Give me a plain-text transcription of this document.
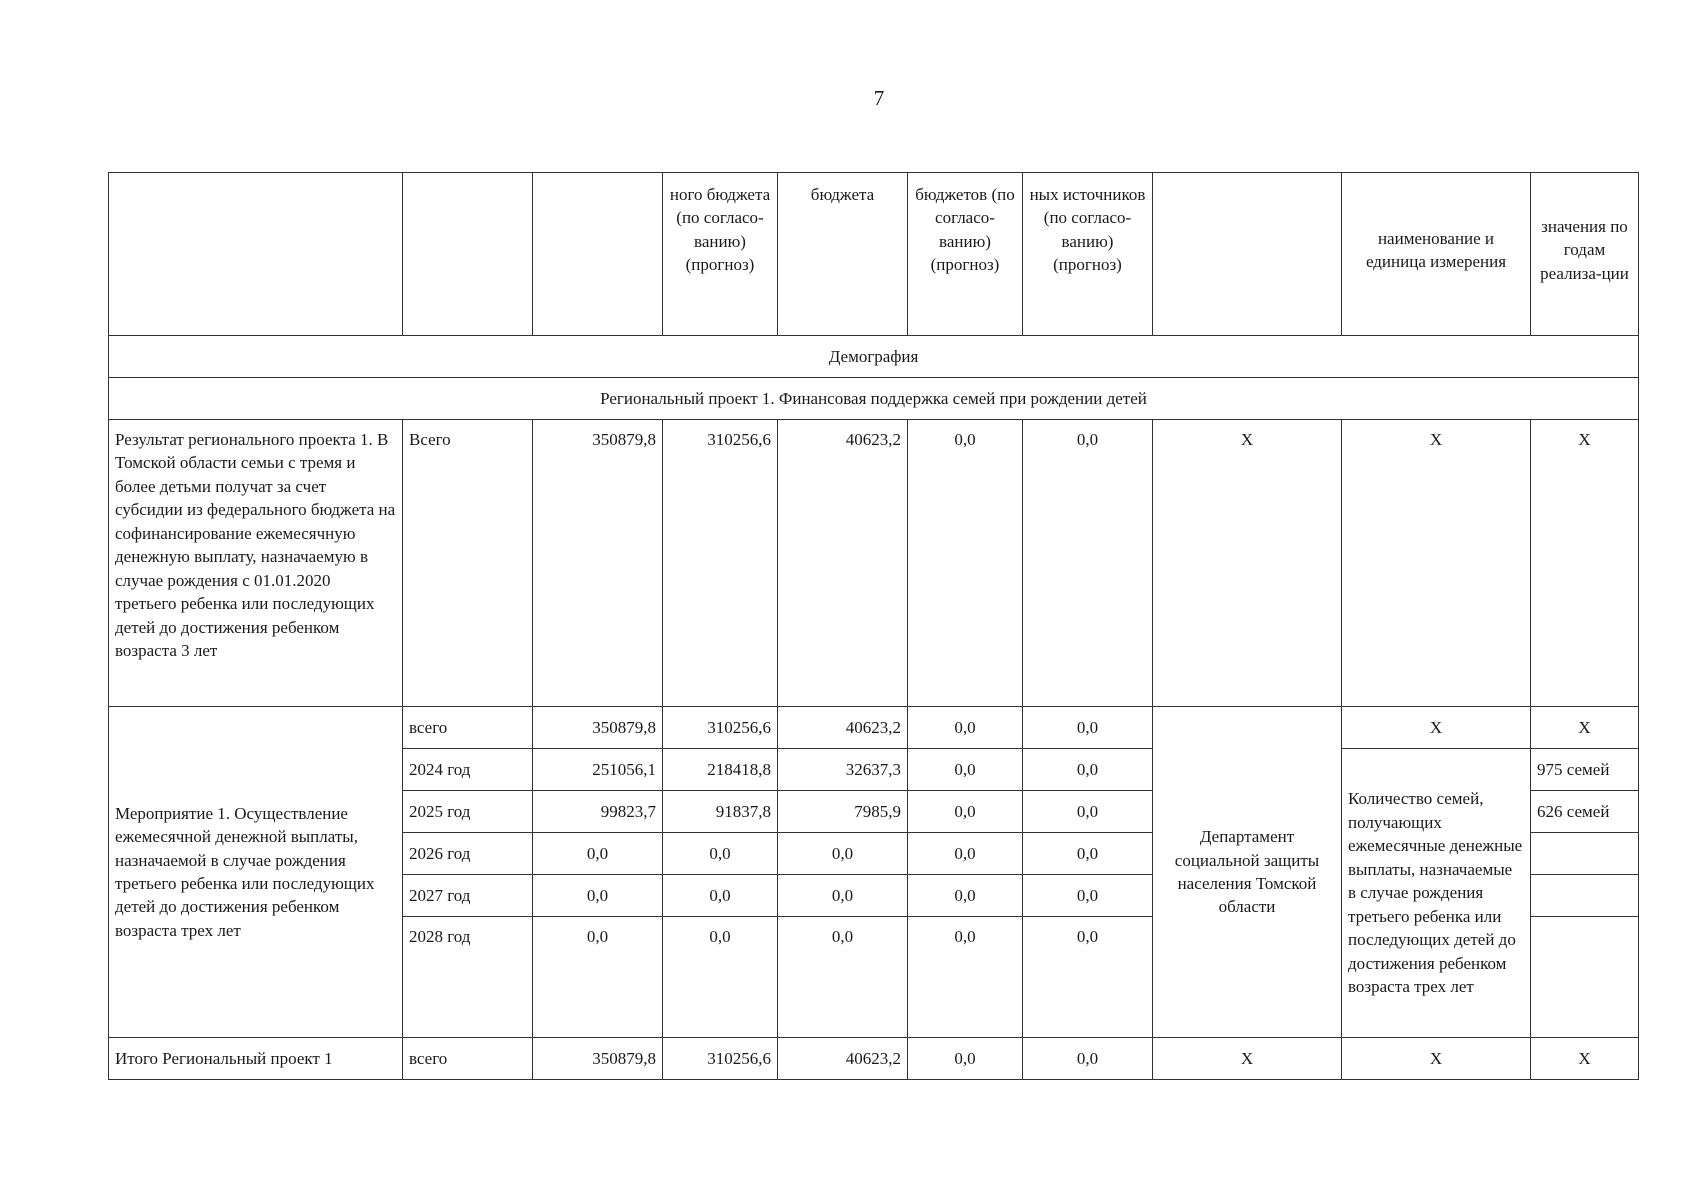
7
			ного бюджета (по согласо-ванию) (прогноз)	бюджета	бюджетов (по согласо-ванию) (прогноз)	ных источников (по согласо-ванию) (прогноз)		наименование и единица измерения	значения по годам реализа-ции
Демография									
Региональный проект 1. Финансовая поддержка семей при рождении детей									
Результат регионального проекта 1. В Томской области семьи с тремя и более детьми получат за счет субсидии из федерального бюджета на софинансирование ежемесячную денежную выплату, назначаемую в случае рождения с 01.01.2020 третьего ребенка или последующих детей до достижения ребенком возраста 3 лет	Всего	350879,8	310256,6	40623,2	0,0	0,0	Х	Х	Х
Мероприятие 1. Осуществление ежемесячной денежной выплаты, назначаемой в случае рождения третьего ребенка или последующих детей до достижения ребенком возраста трех лет	всего	350879,8	310256,6	40623,2	0,0	0,0	Департамент социальной защиты населения Томской области	Х	Х
	2024 год	251056,1	218418,8	32637,3	0,0	0,0		Количество семей, получающих ежемесячные денежные выплаты, назначаемые в случае рождения третьего ребенка или последующих детей до достижения ребенком возраста трех лет	975 семей
	2025 год	99823,7	91837,8	7985,9	0,0	0,0			626 семей
	2026 год	0,0	0,0	0,0	0,0	0,0			
	2027 год	0,0	0,0	0,0	0,0	0,0			
	2028 год	0,0	0,0	0,0	0,0	0,0			
Итого Региональный проект 1	всего	350879,8	310256,6	40623,2	0,0	0,0	Х	Х	Х
